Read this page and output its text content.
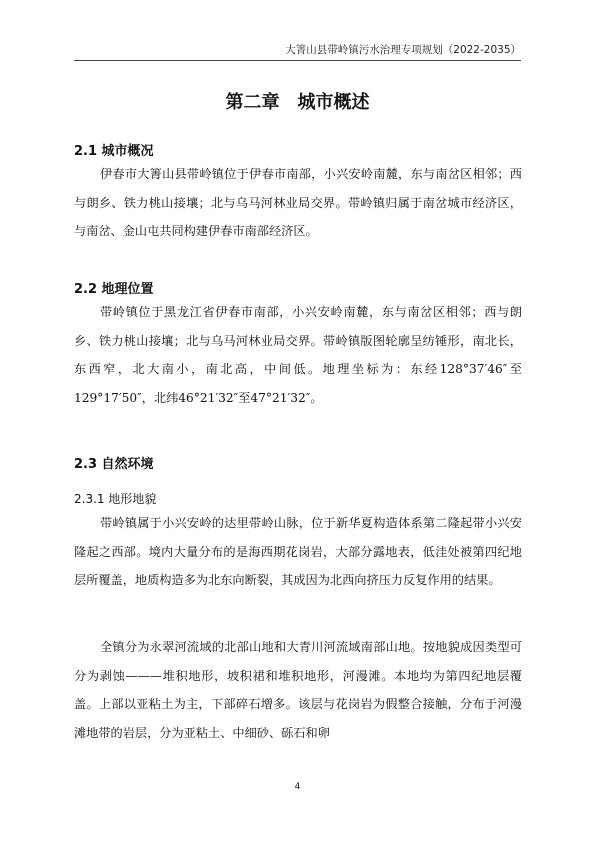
大箐山县带岭镇污水治理专项规划（2022-2035）
第二章　城市概述
2.1 城市概况
伊春市大箐山县带岭镇位于伊春市南部，小兴安岭南麓，东与南岔区相邻；西与朗乡、铁力桃山接壤；北与乌马河林业局交界。带岭镇归属于南岔城市经济区，与南岔、金山屯共同构建伊春市南部经济区。
2.2 地理位置
带岭镇位于黑龙江省伊春市南部，小兴安岭南麓，东与南岔区相邻；西与朗乡、铁力桃山接壤；北与乌马河林业局交界。带岭镇版图轮廓呈纺锤形，南北长，东西窄，北大南小，南北高，中间低。地理坐标为：东经128°37′46″至129°17′50″，北纬46°21′32″至47°21′32″。
2.3 自然环境
2.3.1 地形地貌
带岭镇属于小兴安岭的达里带岭山脉，位于新华夏构造体系第二隆起带小兴安隆起之西部。境内大量分布的是海西期花岗岩，大部分露地表，低洼处被第四纪地层所覆盖，地质构造多为北东向断裂，其成因为北西向挤压力反复作用的结果。
全镇分为永翠河流域的北部山地和大青川河流域南部山地。按地貌成因类型可分为剥蚀———堆积地形，坡积裙和堆积地形，河漫滩。本地均为第四纪地层覆盖。上部以亚粘土为主，下部碎石增多。该层与花岗岩为假整合接触，分布于河漫滩地带的岩层，分为亚粘土、中细砂、砾石和卵
4
